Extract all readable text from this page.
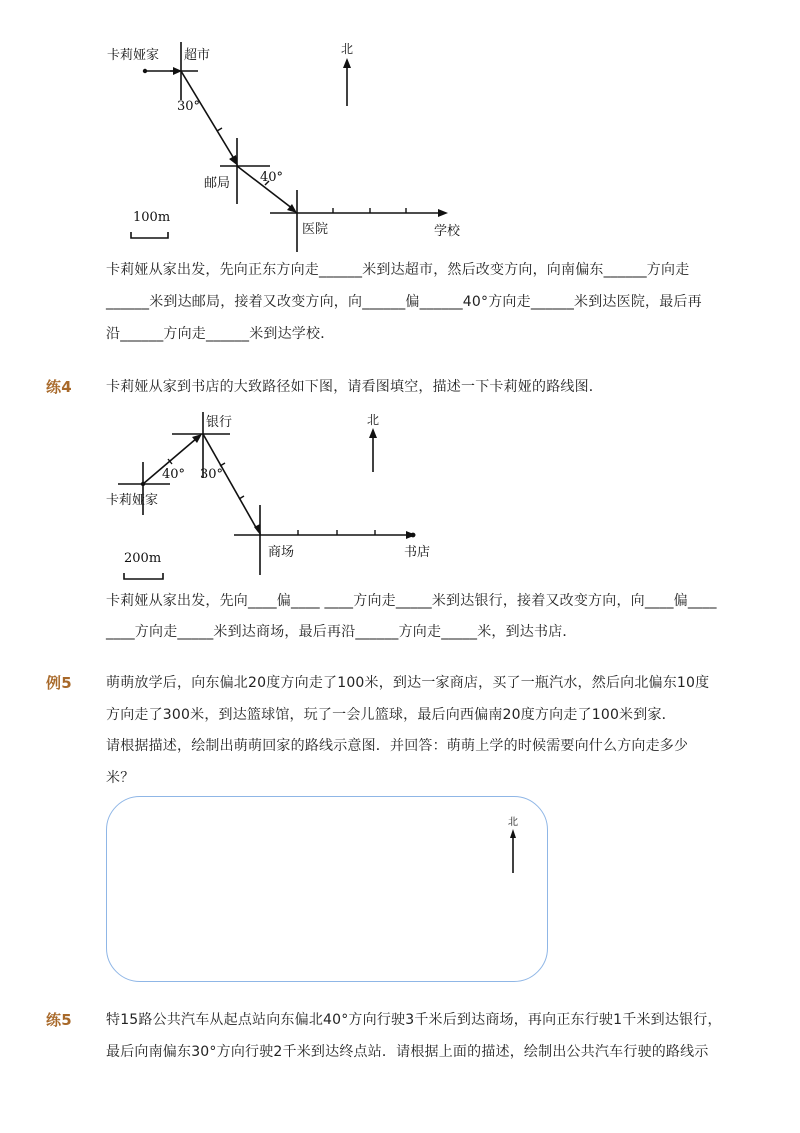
卡莉娅家 超市
30°
邮局 40°
医院	学校
北
100m
卡莉娅从家出发，先向正东方向走______米到达超市，然后改变方向，向南偏东______方向走
______米到达邮局，接着又改变方向，向______偏______40°方向走______米到达医院，最后再
沿______方向走______米到达学校．
练4 卡莉娅从家到书店的大致路径如下图，请看图填空，描述一下卡莉娅的路线图．
银行
40° 30°
卡莉娅家
商场	书店
北
200m
卡莉娅从家出发，先向____偏____ ____方向走_____米到达银行，接着又改变方向，向____偏____
____方向走_____米到达商场，最后再沿______方向走_____米，到达书店．
例5 萌萌放学后，向东偏北20度方向走了100米，到达一家商店，买了一瓶汽水，然后向北偏东10度
方向走了300米，到达篮球馆，玩了一会儿篮球，最后向西偏南20度方向走了100米到家．
请根据描述，绘制出萌萌回家的路线示意图．并回答：萌萌上学的时候需要向什么方向走多少
米？
北
练5 特15路公共汽车从起点站向东偏北40°方向行驶3千米后到达商场，再向正东行驶1千米到达银行，
最后向南偏东30°方向行驶2千米到达终点站．请根据上面的描述，绘制出公共汽车行驶的路线示
